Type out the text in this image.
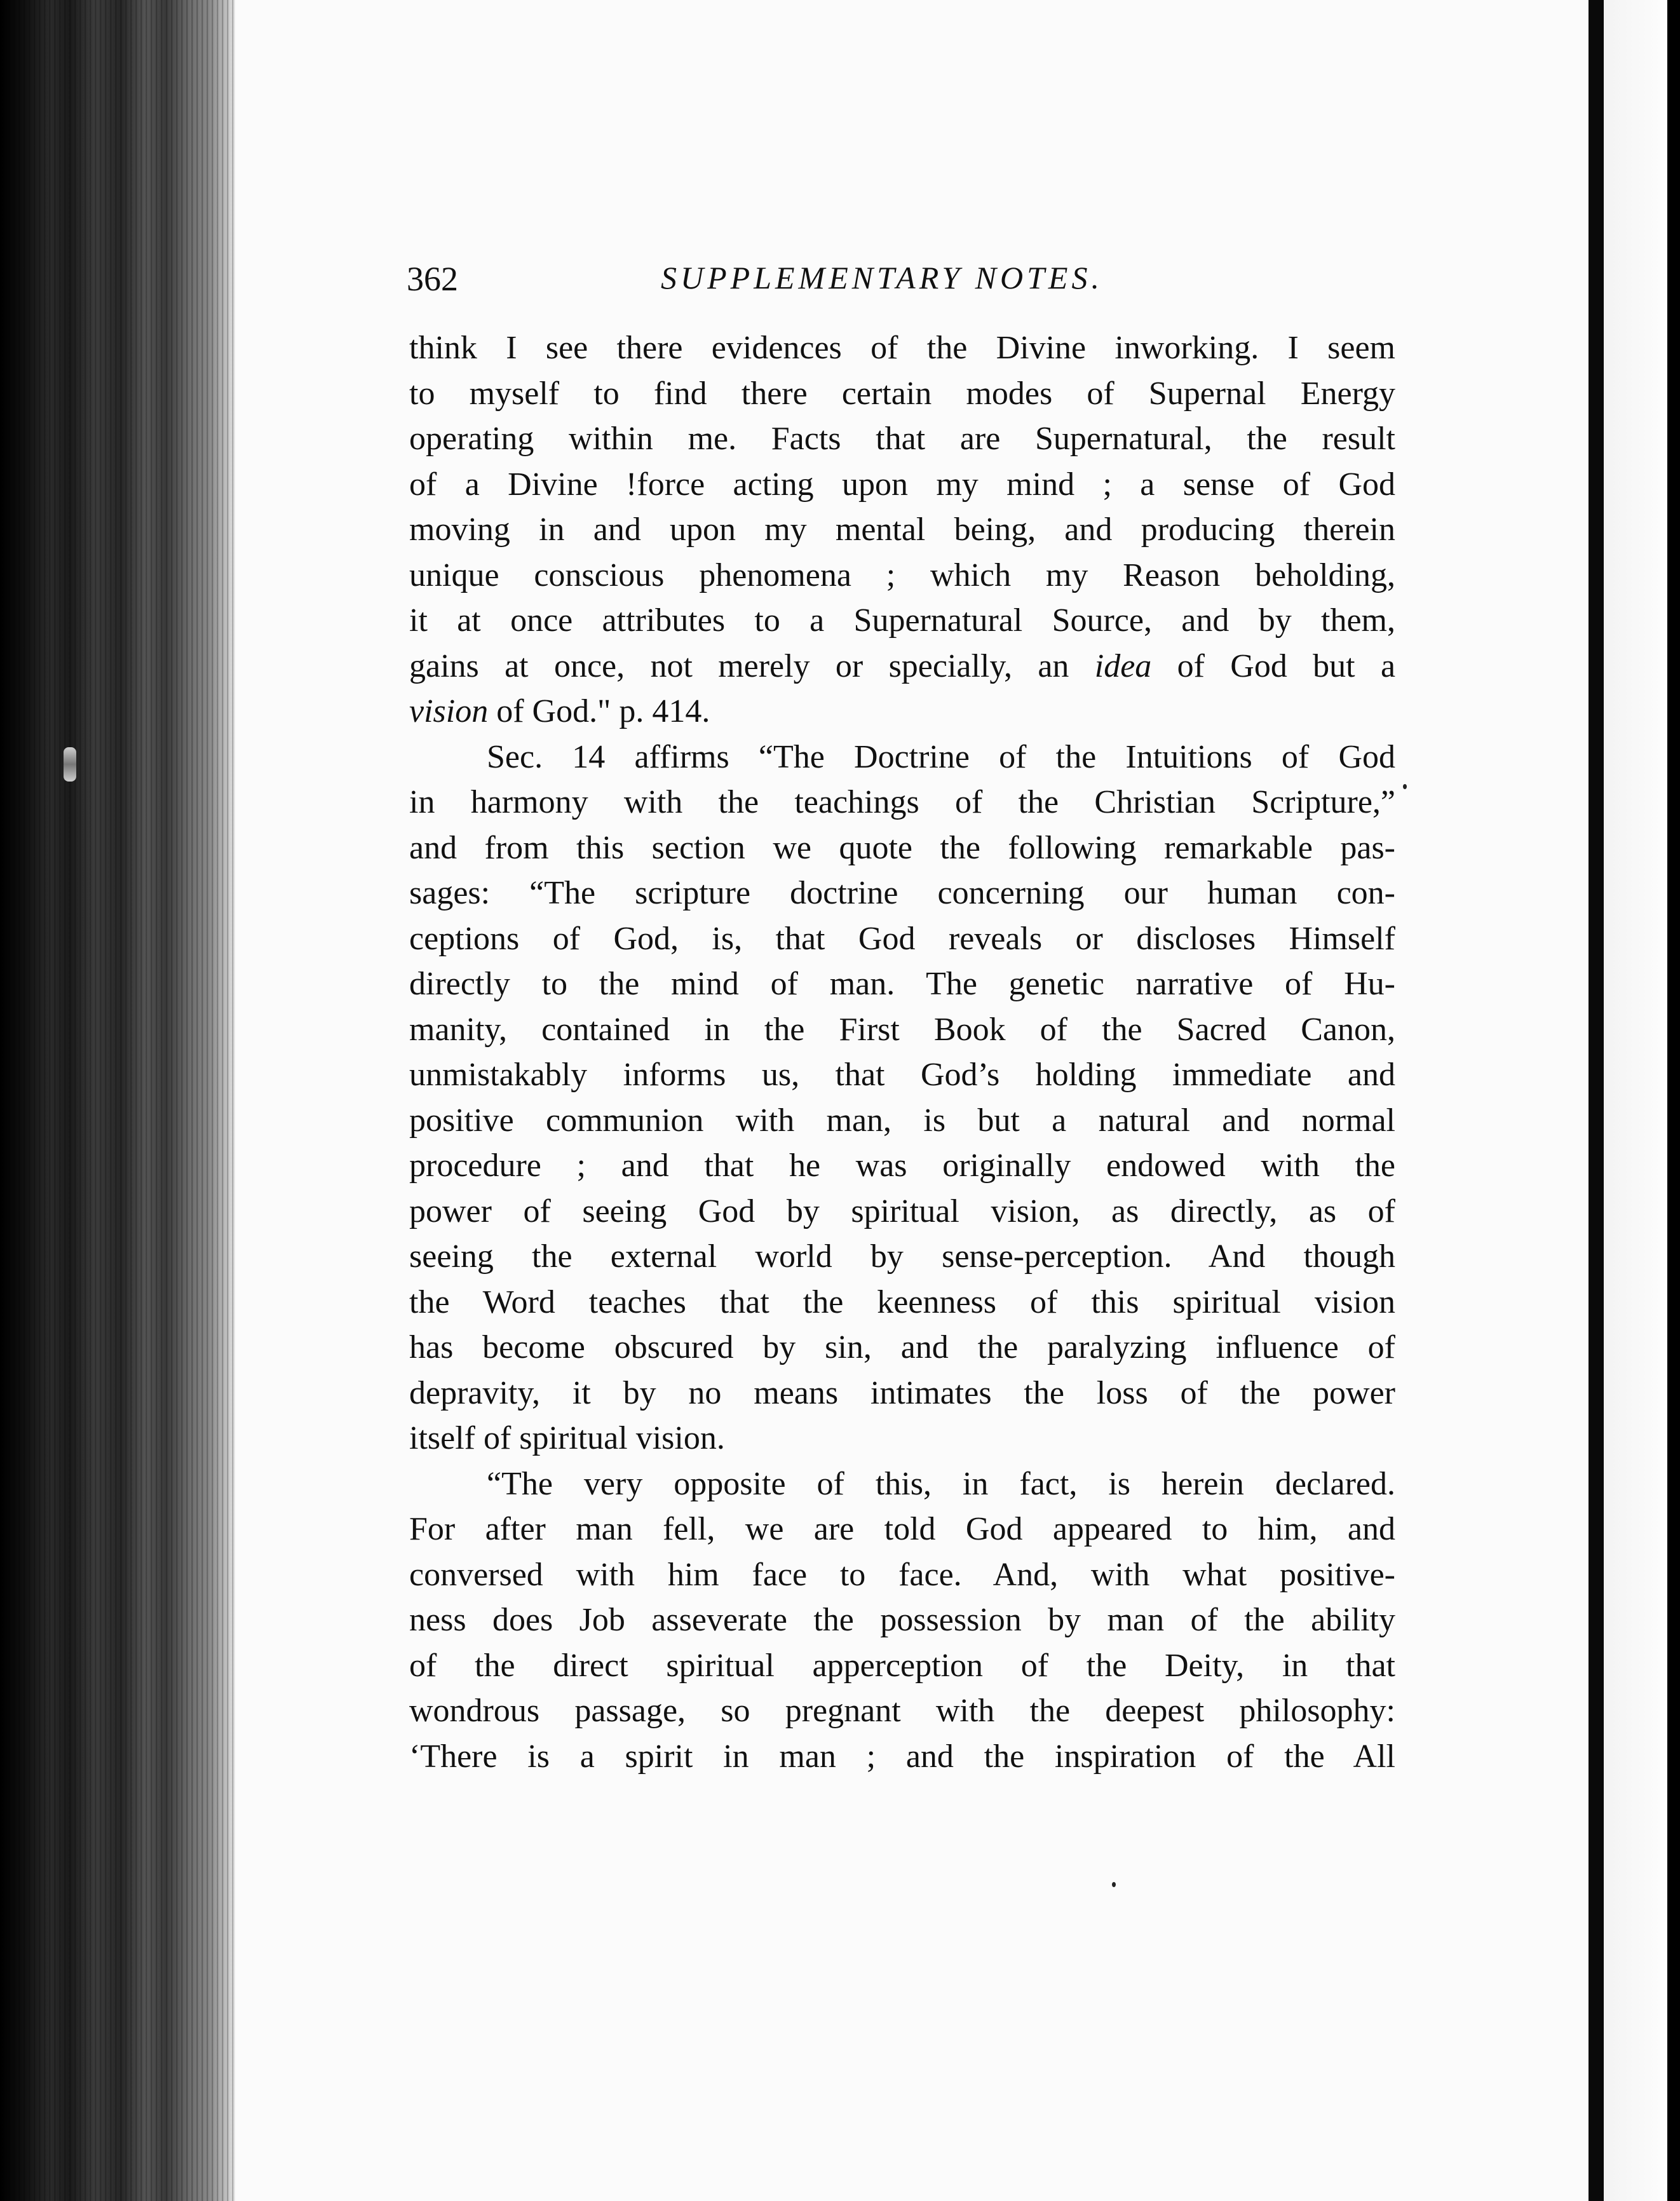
362	SUPPLEMENTARY NOTES.
think I see there evidences of the Divine inworking. I seem
to myself to find there certain modes of Supernal Energy
operating within me. Facts that are Supernatural, the result
of a Divine !force acting upon my mind ; a sense of God
moving in and upon my mental being, and producing therein
unique conscious phenomena ; which my Reason beholding,
it at once attributes to a Supernatural Source, and by them,
gains at once, not merely or specially, an idea of God but a
vision of God." p. 414.
Sec. 14 affirms “The Doctrine of the Intuitions of God
in harmony with the teachings of the Christian Scripture,”
and from this section we quote the following remarkable pas-
sages: “The scripture doctrine concerning our human con-
ceptions of God, is, that God reveals or discloses Himself
directly to the mind of man. The genetic narrative of Hu-
manity, contained in the First Book of the Sacred Canon,
unmistakably informs us, that God’s holding immediate and
positive communion with man, is but a natural and normal
procedure ; and that he was originally endowed with the
power of seeing God by spiritual vision, as directly, as of
seeing the external world by sense-perception. And though
the Word teaches that the keenness of this spiritual vision
has become obscured by sin, and the paralyzing influence of
depravity, it by no means intimates the loss of the power
itself of spiritual vision.
“The very opposite of this, in fact, is herein declared.
For after man fell, we are told God appeared to him, and
conversed with him face to face. And, with what positive-
ness does Job asseverate the possession by man of the ability
of the direct spiritual apperception of the Deity, in that
wondrous passage, so pregnant with the deepest philosophy:
‘There is a spirit in man ; and the inspiration of the All
